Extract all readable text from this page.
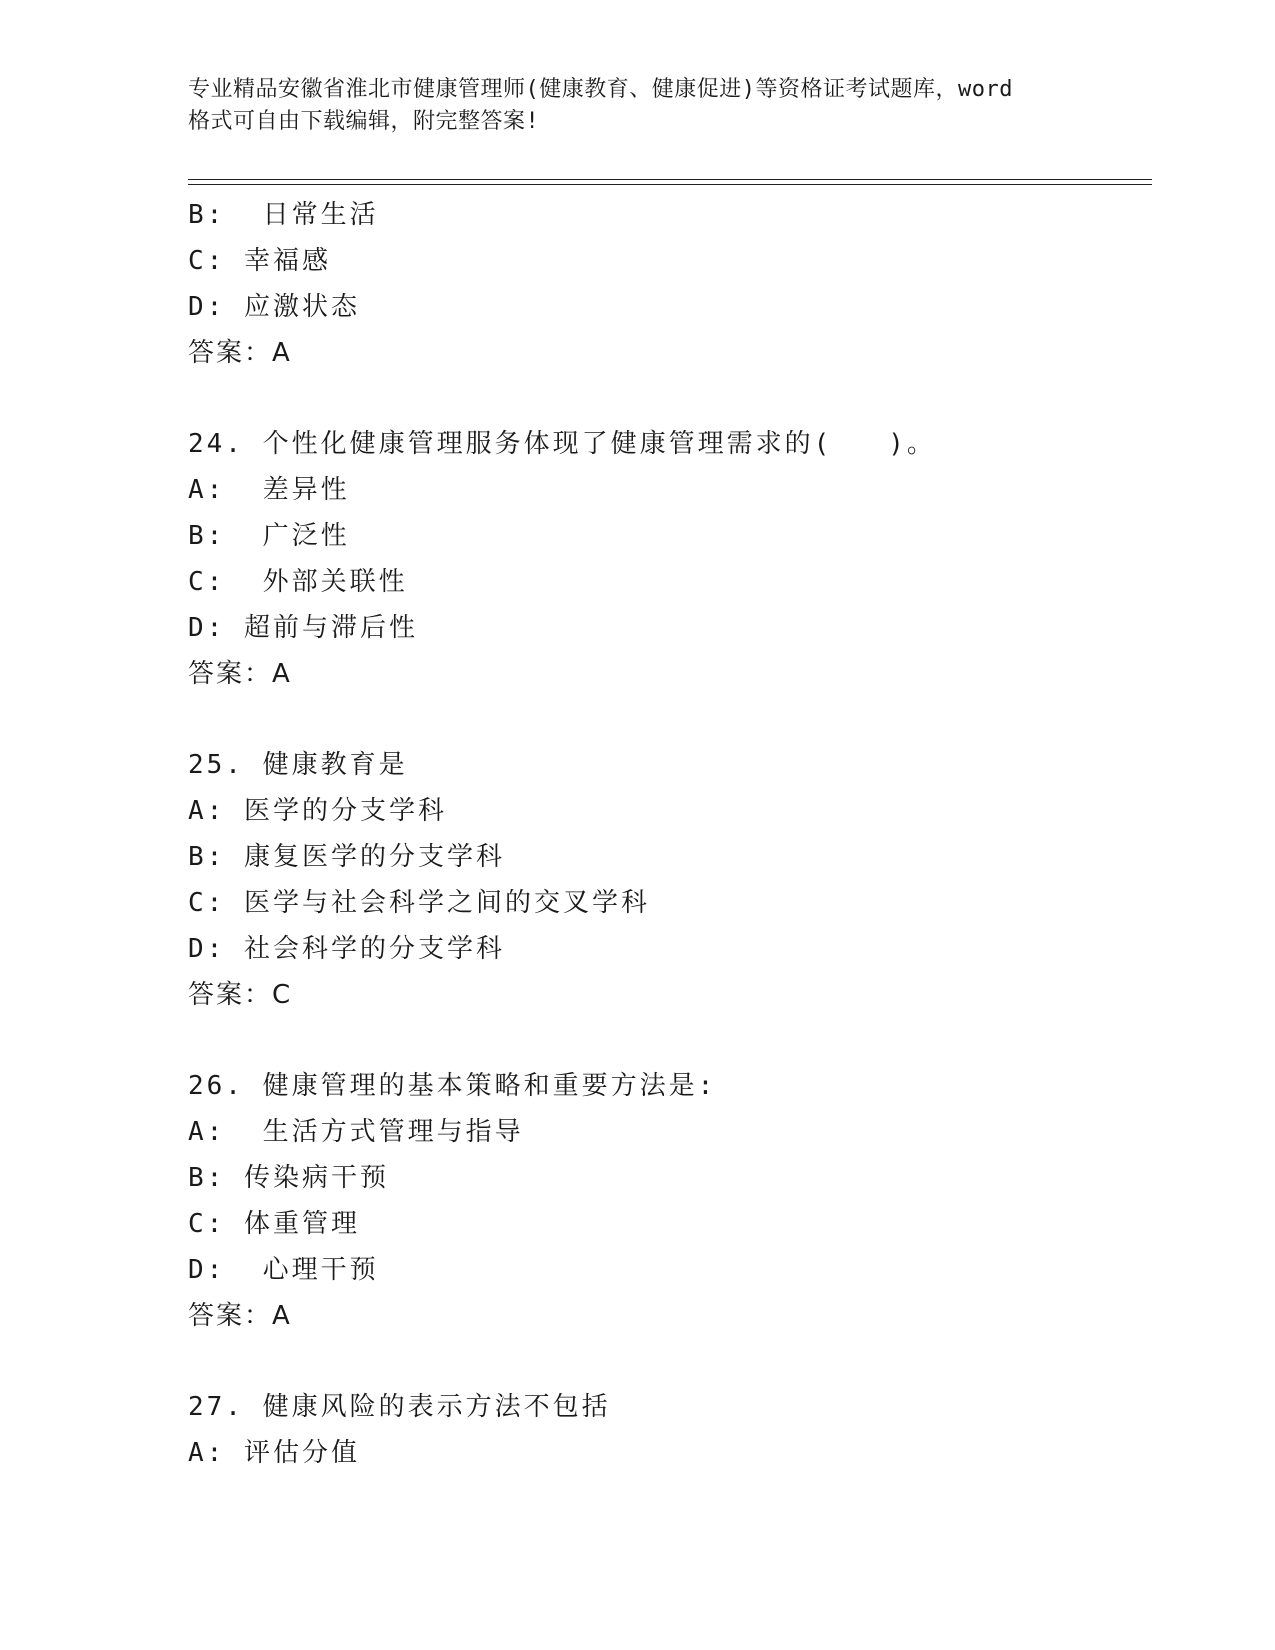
专业精品安徽省淮北市健康管理师(健康教育、健康促进)等资格证考试题库，word
格式可自由下载编辑，附完整答案!
B:  日常生活
C: 幸福感
D: 应激状态
答案：A
24. 个性化健康管理服务体现了健康管理需求的(   )。
A:  差异性
B:  广泛性
C:  外部关联性
D: 超前与滞后性
答案：A
25. 健康教育是
A: 医学的分支学科
B: 康复医学的分支学科
C: 医学与社会科学之间的交叉学科
D: 社会科学的分支学科
答案：C
26. 健康管理的基本策略和重要方法是:
A:  生活方式管理与指导
B: 传染病干预
C: 体重管理
D:  心理干预
答案：A
27. 健康风险的表示方法不包括
A: 评估分值
